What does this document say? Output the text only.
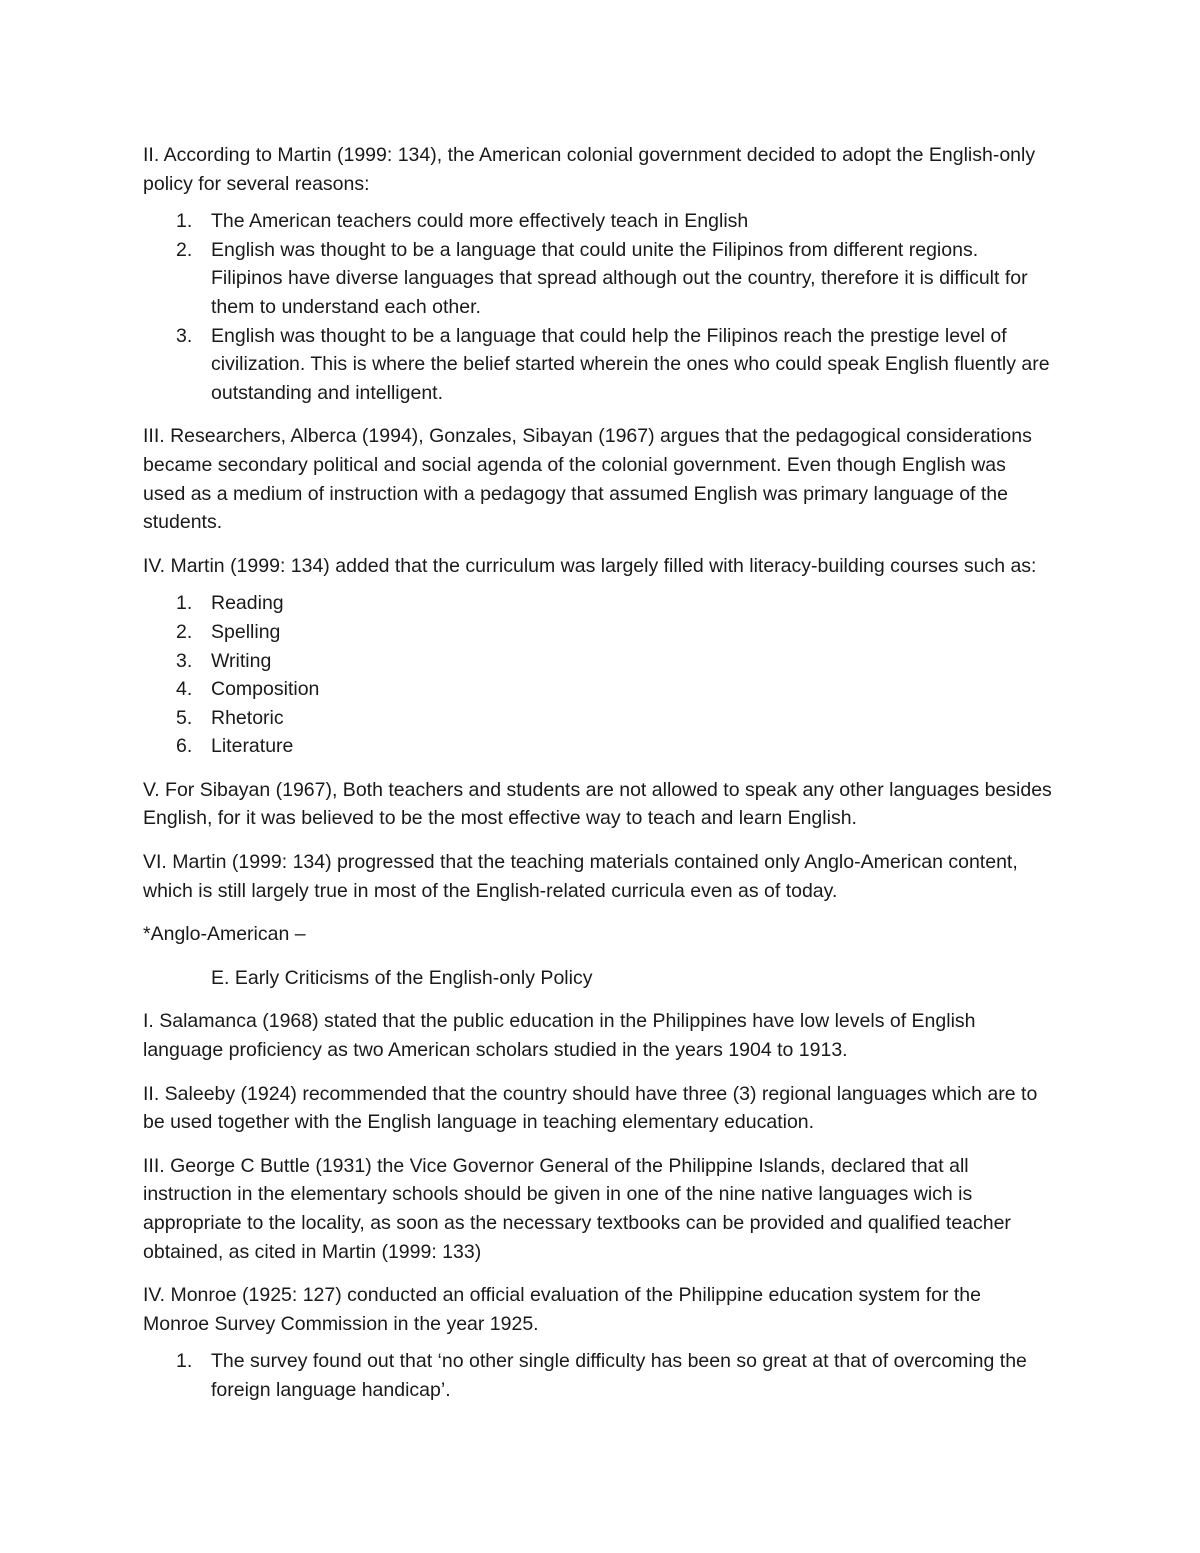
II. According to Martin (1999: 134), the American colonial government decided to adopt the English-only policy for several reasons:

1. The American teachers could more effectively teach in English
2. English was thought to be a language that could unite the Filipinos from different regions. Filipinos have diverse languages that spread although out the country, therefore it is difficult for them to understand each other.
3. English was thought to be a language that could help the Filipinos reach the prestige level of civilization. This is where the belief started wherein the ones who could speak English fluently are outstanding and intelligent.

III. Researchers, Alberca (1994), Gonzales, Sibayan (1967) argues that the pedagogical considerations became secondary political and social agenda of the colonial government. Even though English was used as a medium of instruction with a pedagogy that assumed English was primary language of the students.

IV. Martin (1999: 134) added that the curriculum was largely filled with literacy-building courses such as:

1. Reading
2. Spelling
3. Writing
4. Composition
5. Rhetoric
6. Literature

V. For Sibayan (1967), Both teachers and students are not allowed to speak any other languages besides English, for it was believed to be the most effective way to teach and learn English.

VI. Martin (1999: 134) progressed that the teaching materials contained only Anglo-American content, which is still largely true in most of the English-related curricula even as of today.

*Anglo-American –

E. Early Criticisms of the English-only Policy

I. Salamanca (1968) stated that the public education in the Philippines have low levels of English language proficiency as two American scholars studied in the years 1904 to 1913.

II. Saleeby (1924) recommended that the country should have three (3) regional languages which are to be used together with the English language in teaching elementary education.

III. George C Buttle (1931) the Vice Governor General of the Philippine Islands, declared that all instruction in the elementary schools should be given in one of the nine native languages wich is appropriate to the locality, as soon as the necessary textbooks can be provided and qualified teacher obtained, as cited in Martin (1999: 133)

IV. Monroe (1925: 127) conducted an official evaluation of the Philippine education system for the Monroe Survey Commission in the year 1925.

1. The survey found out that ‘no other single difficulty has been so great at that of overcoming the foreign language handicap’.
